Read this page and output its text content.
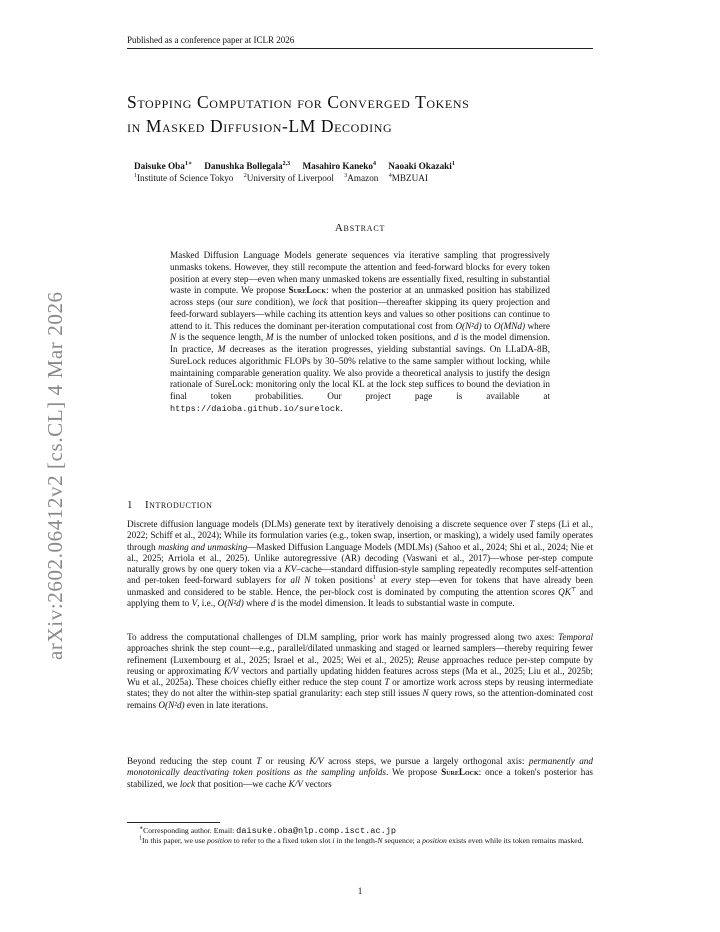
Published as a conference paper at ICLR 2026
arXiv:2602.06412v2 [cs.CL] 4 Mar 2026
Stopping Computation for Converged Tokens
in Masked Diffusion-LM Decoding
Daisuke Oba$^{1∗}$ Danushka Bollegala$^{2,3}$ Masahiro Kaneko$^4$ Naoaki Okazaki$^1$
$^1$Institute of Science Tokyo $^2$University of Liverpool $^3$Amazon $^4$MBZUAI
Abstract

Masked Diffusion Language Models generate sequences via iterative sampling that progressively unmasks tokens. However, they still recompute the attention and feed-forward blocks for every token position at every step—even when many unmasked tokens are essentially fixed, resulting in substantial waste in compute. We propose SureLock: when the posterior at an unmasked position has stabilized across steps (our sure condition), we lock that position—thereafter skipping its query projection and feed-forward sublayers—while caching its attention keys and values so other positions can continue to attend to it. This reduces the dominant per-iteration computational cost from O(N²d) to O(MNd) where N is the sequence length, M is the number of unlocked token positions, and d is the model dimension. In practice, M decreases as the iteration progresses, yielding substantial savings. On LLaDA-8B, SureLock reduces algorithmic FLOPs by 30–50% relative to the same sampler without locking, while maintaining comparable generation quality. We also provide a theoretical analysis to justify the design rationale of SureLock: monitoring only the local KL at the lock step suffices to bound the deviation in final token probabilities. Our project page is available at https://daioba.github.io/surelock.

1 Introduction

Discrete diffusion language models (DLMs) generate text by iteratively denoising a discrete sequence over T steps (Li et al., 2022; Schiff et al., 2024); While its formulation varies (e.g., token swap, insertion, or masking), a widely used family operates through masking and unmasking—Masked Diffusion Language Models (MDLMs) (Sahoo et al., 2024; Shi et al., 2024; Nie et al., 2025; Arriola et al., 2025). Unlike autoregressive (AR) decoding (Vaswani et al., 2017)—whose per-step compute naturally grows by one query token via a KV–cache—standard diffusion-style sampling repeatedly recomputes self-attention and per-token feed-forward sublayers for all N token positions$^1$ at every step—even for tokens that have already been unmasked and considered to be stable. Hence, the per-block cost is dominated by computing the attention scores QK⊤ and applying them to V, i.e., O(N²d) where d is the model dimension. It leads to substantial waste in compute.

To address the computational challenges of DLM sampling, prior work has mainly progressed along two axes: Temporal approaches shrink the step count—e.g., parallel/dilated unmasking and staged or learned samplers—thereby requiring fewer refinement (Luxembourg et al., 2025; Israel et al., 2025; Wei et al., 2025); Reuse approaches reduce per-step compute by reusing or approximating K/V vectors and partially updating hidden features across steps (Ma et al., 2025; Liu et al., 2025b; Wu et al., 2025a). These choices chiefly either reduce the step count T or amortize work across steps by reusing intermediate states; they do not alter the within-step spatial granularity: each step still issues N query rows, so the attention-dominated cost remains O(N²d) even in late iterations.

Beyond reducing the step count T or reusing K/V across steps, we pursue a largely orthogonal axis: permanently and monotonically deactivating token positions as the sampling unfolds. We propose SureLock: once a token's posterior has stabilized, we lock that position—we cache K/V vectors

∗Corresponding author. Email: daisuke.oba@nlp.comp.isct.ac.jp
$^1$In this paper, we use position to refer to the a fixed token slot i in the length-N sequence; a position exists even while its token remains masked.
1
